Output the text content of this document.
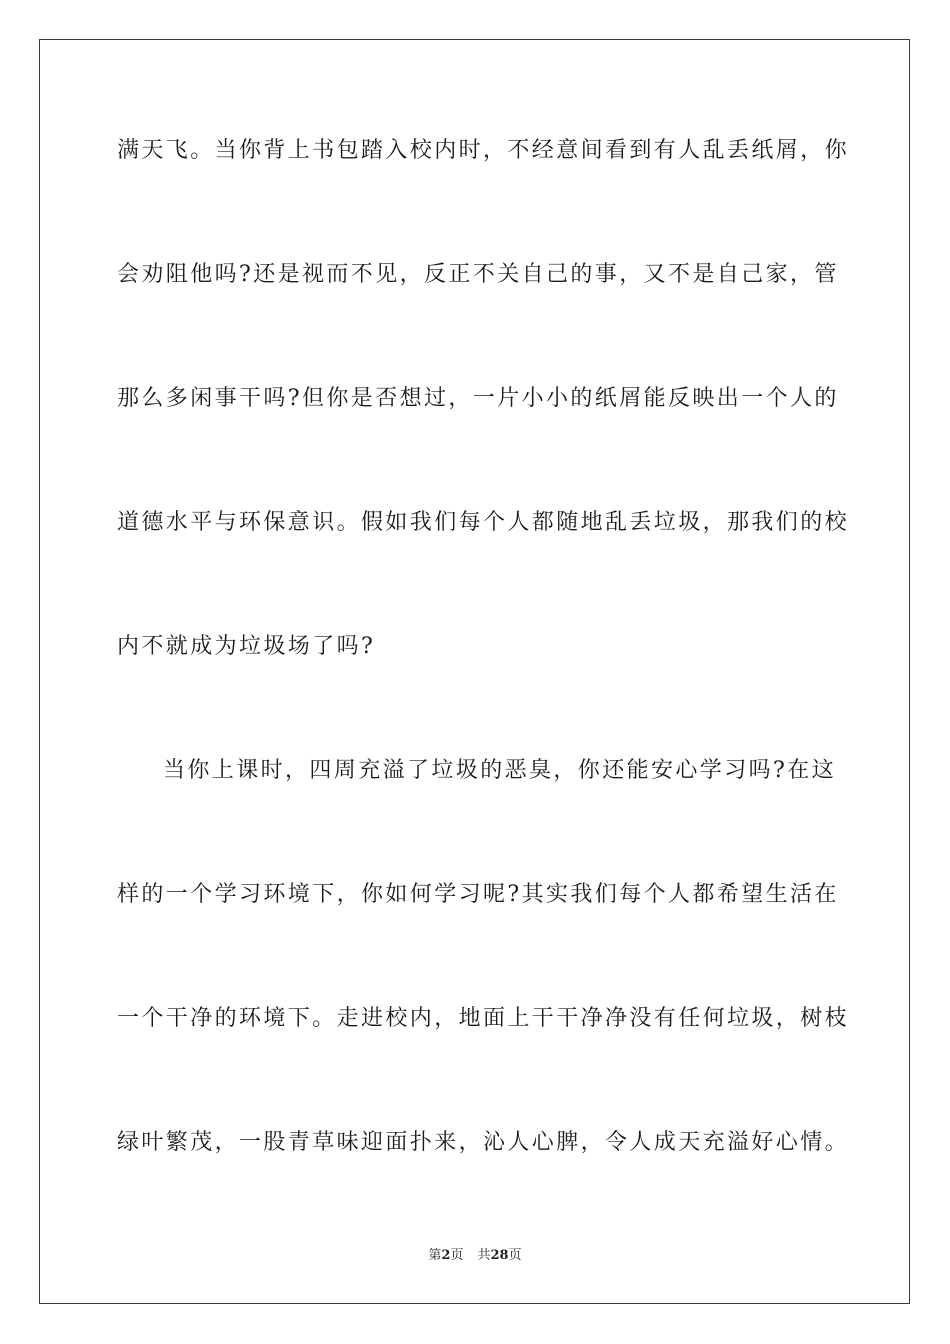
满天飞。当你背上书包踏入校内时，不经意间看到有人乱丢纸屑，你
会劝阻他吗?还是视而不见，反正不关自己的事，又不是自己家，管
那么多闲事干吗?但你是否想过，一片小小的纸屑能反映出一个人的
道德水平与环保意识。假如我们每个人都随地乱丢垃圾，那我们的校
内不就成为垃圾场了吗?
当你上课时，四周充溢了垃圾的恶臭，你还能安心学习吗?在这
样的一个学习环境下，你如何学习呢?其实我们每个人都希望生活在
一个干净的环境下。走进校内，地面上干干净净没有任何垃圾，树枝
绿叶繁茂，一股青草味迎面扑来，沁人心脾，令人成天充溢好心情。
第2页 共28页
